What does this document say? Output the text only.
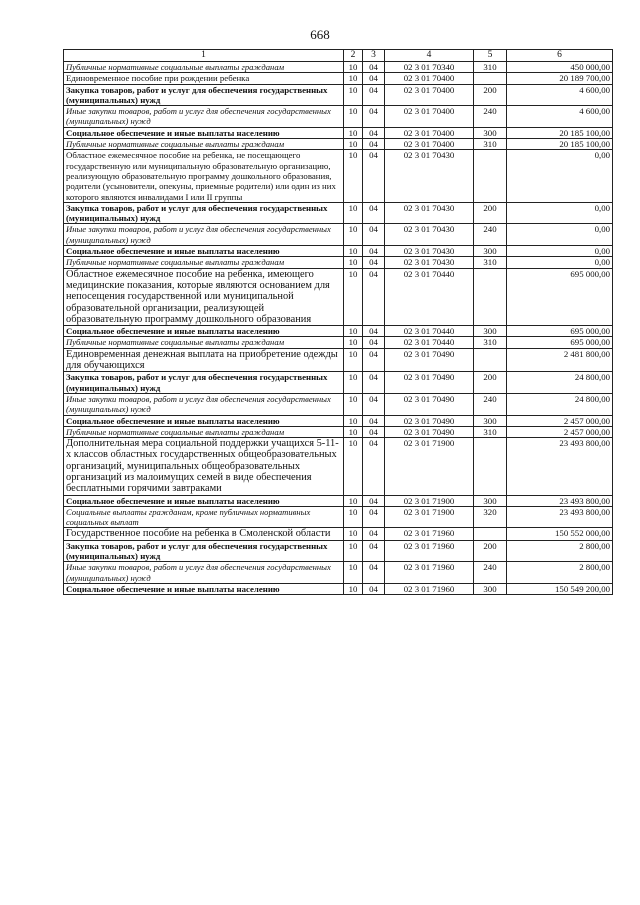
668
1	2	3	4	5	6
Публичные нормативные социальные выплаты гражданам	10	04	02 3 01 70340	310	450 000,00
Единовременное пособие при рождении ребенка	10	04	02 3 01 70400		20 189 700,00
Закупка товаров, работ и услуг для обеспечения государственных (муниципальных) нужд	10	04	02 3 01 70400	200	4 600,00
Иные закупки товаров, работ и услуг для обеспечения государственных (муниципальных) нужд	10	04	02 3 01 70400	240	4 600,00
Социальное обеспечение и иные выплаты населению	10	04	02 3 01 70400	300	20 185 100,00
Публичные нормативные социальные выплаты гражданам	10	04	02 3 01 70400	310	20 185 100,00
Областное ежемесячное пособие на ребенка, не посещающего государственную или муниципальную образовательную организацию, реализующую образовательную программу дошкольного образования, родители (усыновители, опекуны, приемные родители) или один из них которого являются инвалидами I или II группы	10	04	02 3 01 70430		0,00
Закупка товаров, работ и услуг для обеспечения государственных (муниципальных) нужд	10	04	02 3 01 70430	200	0,00
Иные закупки товаров, работ и услуг для обеспечения государственных (муниципальных) нужд	10	04	02 3 01 70430	240	0,00
Социальное обеспечение и иные выплаты населению	10	04	02 3 01 70430	300	0,00
Публичные нормативные социальные выплаты гражданам	10	04	02 3 01 70430	310	0,00
Областное ежемесячное пособие на ребенка, имеющего медицинские показания, которые являются основанием для непосещения государственной или муниципальной образовательной организации, реализующей образовательную программу дошкольного образования	10	04	02 3 01 70440		695 000,00
Социальное обеспечение и иные выплаты населению	10	04	02 3 01 70440	300	695 000,00
Публичные нормативные социальные выплаты гражданам	10	04	02 3 01 70440	310	695 000,00
Единовременная денежная выплата на приобретение одежды для обучающихся	10	04	02 3 01 70490		2 481 800,00
Закупка товаров, работ и услуг для обеспечения государственных (муниципальных) нужд	10	04	02 3 01 70490	200	24 800,00
Иные закупки товаров, работ и услуг для обеспечения государственных (муниципальных) нужд	10	04	02 3 01 70490	240	24 800,00
Социальное обеспечение и иные выплаты населению	10	04	02 3 01 70490	300	2 457 000,00
Публичные нормативные социальные выплаты гражданам	10	04	02 3 01 70490	310	2 457 000,00
Дополнительная мера социальной поддержки учащихся 5-11-х классов областных государственных общеобразовательных организаций, муниципальных общеобразовательных организаций из малоимущих семей в виде обеспечения бесплатными горячими завтраками	10	04	02 3 01 71900		23 493 800,00
Социальное обеспечение и иные выплаты населению	10	04	02 3 01 71900	300	23 493 800,00
Социальные выплаты гражданам, кроме публичных нормативных социальных выплат	10	04	02 3 01 71900	320	23 493 800,00
Государственное пособие на ребенка в Смоленской области	10	04	02 3 01 71960		150 552 000,00
Закупка товаров, работ и услуг для обеспечения государственных (муниципальных) нужд	10	04	02 3 01 71960	200	2 800,00
Иные закупки товаров, работ и услуг для обеспечения государственных (муниципальных) нужд	10	04	02 3 01 71960	240	2 800,00
Социальное обеспечение и иные выплаты населению	10	04	02 3 01 71960	300	150 549 200,00
